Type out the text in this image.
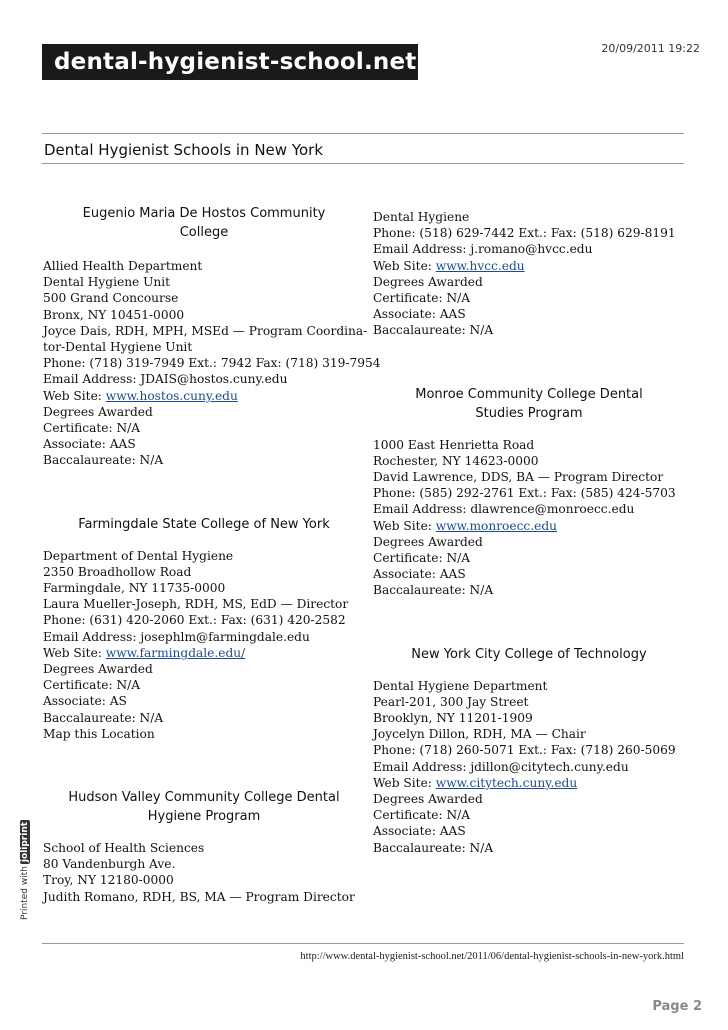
20/09/2011 19:22
dental-hygienist-school.net
Dental Hygienist Schools in New York
Eugenio Maria De Hostos Community
College
Allied Health Department
Dental Hygiene Unit
500 Grand Concourse
Bronx, NY 10451-0000
Joyce Dais, RDH, MPH, MSEd — Program Coordina-
tor-Dental Hygiene Unit
Phone: (718) 319-7949 Ext.: 7942 Fax: (718) 319-7954
Email Address: JDAIS@hostos.cuny.edu
Web Site: www.hostos.cuny.edu
Degrees Awarded
Certificate: N/A
Associate: AAS
Baccalaureate: N/A
Farmingdale State College of New York
Department of Dental Hygiene
2350 Broadhollow Road
Farmingdale, NY 11735-0000
Laura Mueller-Joseph, RDH, MS, EdD — Director
Phone: (631) 420-2060 Ext.: Fax: (631) 420-2582
Email Address: josephlm@farmingdale.edu
Web Site: www.farmingdale.edu/
Degrees Awarded
Certificate: N/A
Associate: AS
Baccalaureate: N/A
Map this Location
Hudson Valley Community College Dental
Hygiene Program
School of Health Sciences
80 Vandenburgh Ave.
Troy, NY 12180-0000
Judith Romano, RDH, BS, MA — Program Director
Dental Hygiene
Phone: (518) 629-7442 Ext.: Fax: (518) 629-8191
Email Address: j.romano@hvcc.edu
Web Site: www.hvcc.edu
Degrees Awarded
Certificate: N/A
Associate: AAS
Baccalaureate: N/A
Monroe Community College Dental
Studies Program
1000 East Henrietta Road
Rochester, NY 14623-0000
David Lawrence, DDS, BA — Program Director
Phone: (585) 292-2761 Ext.: Fax: (585) 424-5703
Email Address: dlawrence@monroecc.edu
Web Site: www.monroecc.edu
Degrees Awarded
Certificate: N/A
Associate: AAS
Baccalaureate: N/A
New York City College of Technology
Dental Hygiene Department
Pearl-201, 300 Jay Street
Brooklyn, NY 11201-1909
Joycelyn Dillon, RDH, MA — Chair
Phone: (718) 260-5071 Ext.: Fax: (718) 260-5069
Email Address: jdillon@citytech.cuny.edu
Web Site: www.citytech.cuny.edu
Degrees Awarded
Certificate: N/A
Associate: AAS
Baccalaureate: N/A
Printed withjoliprint
http://www.dental-hygienist-school.net/2011/06/dental-hygienist-schools-in-new-york.html
Page 2
